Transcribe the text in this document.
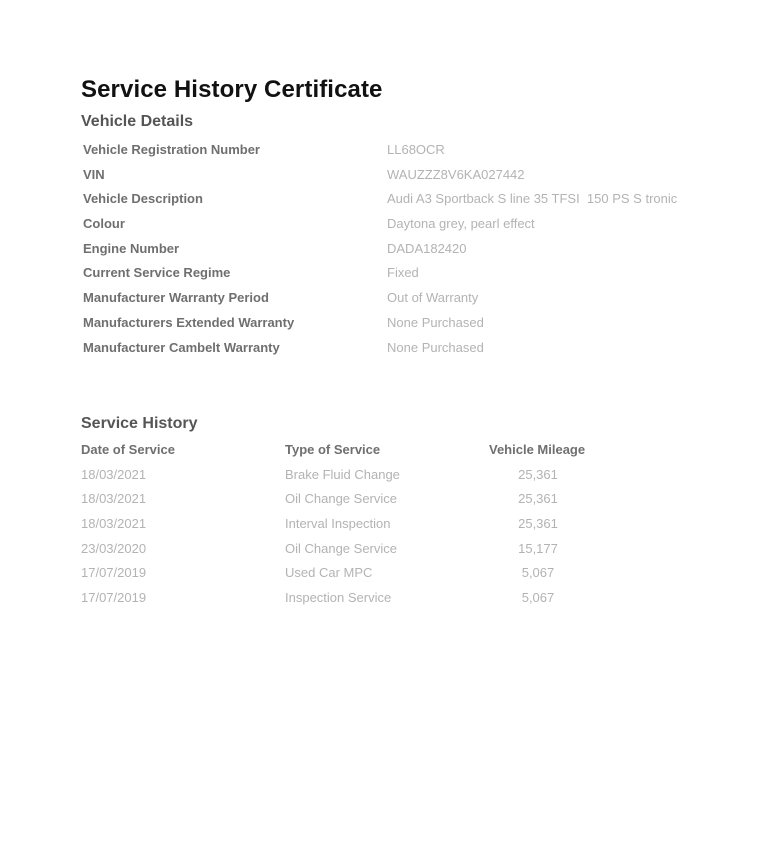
Service History Certificate
Vehicle Details
Vehicle Registration Number	LL68OCR
VIN	WAUZZZ8V6KA027442
Vehicle Description	Audi A3 Sportback S line 35 TFSI  150 PS S tronic
Colour	Daytona grey, pearl effect
Engine Number	DADA182420
Current Service Regime	Fixed
Manufacturer Warranty Period	Out of Warranty
Manufacturers Extended Warranty	None Purchased
Manufacturer Cambelt Warranty	None Purchased
Service History
Date of Service	Type of Service	Vehicle Mileage
18/03/2021	Brake Fluid Change	25,361
18/03/2021	Oil Change Service	25,361
18/03/2021	Interval Inspection	25,361
23/03/2020	Oil Change Service	15,177
17/07/2019	Used Car MPC	5,067
17/07/2019	Inspection Service	5,067
